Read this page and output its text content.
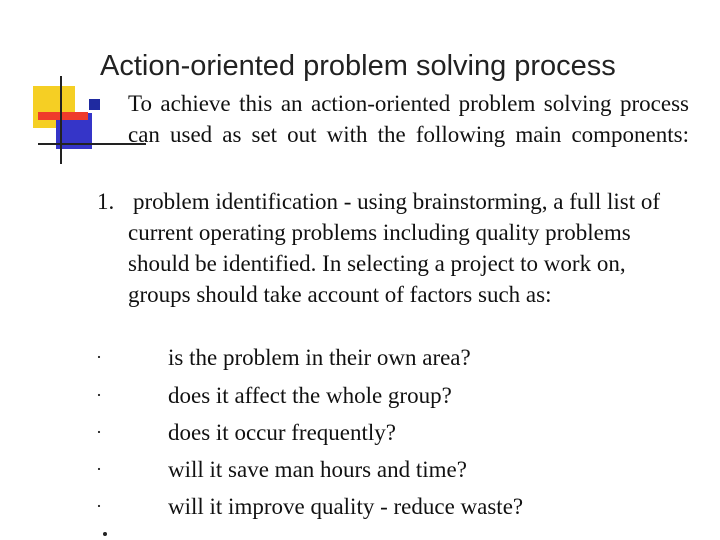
Action‑oriented problem solving process
To achieve this an action‑oriented problem solving process can used as set out with the following main components:
1. problem identification ‑ using brainstorming, a full list of current operating problems including quality problems should be identified. In selecting a project to work on, groups should take account of factors such as:
·	is the problem in their own area?
·	does it affect the whole group?
·	does it occur frequently?
·	will it save man hours and time?
·	will it improve quality ‑ reduce waste?
